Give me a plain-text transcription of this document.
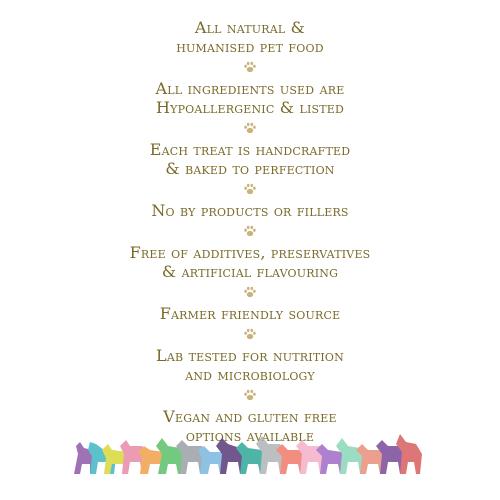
All natural &
humanised pet food
All ingredients used are
Hypoallergenic & listed
Each treat is handcrafted
& baked to perfection
No by products or fillers
Free of additives, preservatives
& artificial flavouring
Farmer friendly source
Lab tested for nutrition
and microbiology
Vegan and gluten free
options available
